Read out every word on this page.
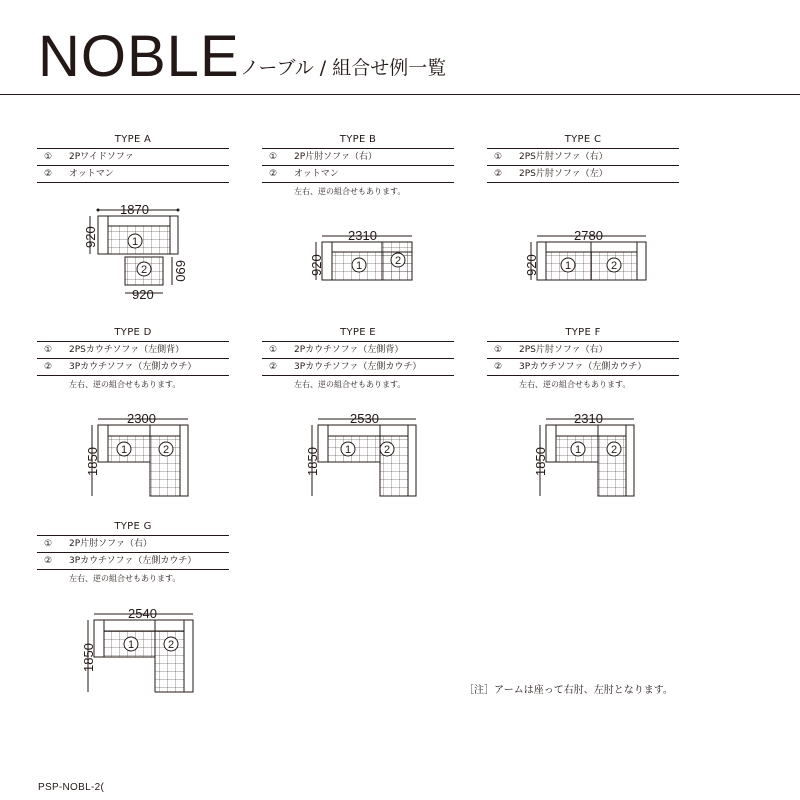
NOBLE ノーブル / 組合せ例一覧
TYPE A
① 2Pワイドソファ
② オットマン
TYPE B
① 2P片肘ソファ（右）
② オットマン
左右、逆の組合せもあります。
TYPE C
① 2PS片肘ソファ（右）
② 2PS片肘ソファ（左）
TYPE D
① 2PSカウチソファ（左側背）
② 3Pカウチソファ（左側カウチ）
左右、逆の組合せもあります。
TYPE E
① 2Pカウチソファ（左側背）
② 3Pカウチソファ（左側カウチ）
左右、逆の組合せもあります。
TYPE F
① 2PS片肘ソファ（右）
② 3Pカウチソファ（左側カウチ）
左右、逆の組合せもあります。
TYPE G
① 2P片肘ソファ（右）
② 3Pカウチソファ（左側カウチ）
左右、逆の組合せもあります。
1870
920
690
920
1
2
2310
920	1	2
2780
920 1	2
2300
1850 1	2
2530
1850 1	2
2310
1850 1	2
2540
1850	1	2
［注］アームは座って右肘、左肘となります。
PSP-NOBL-2(
